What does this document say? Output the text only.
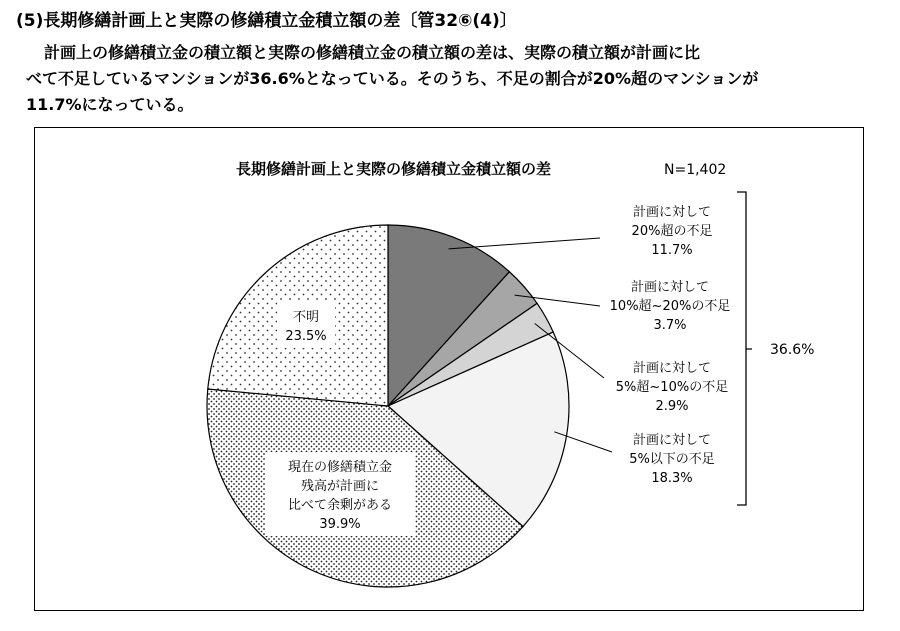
(5)長期修繕計画上と実際の修繕積立金積立額の差〔管32⑥(4)〕
計画上の修繕積立金の積立額と実際の修繕積立金の積立額の差は、実際の積立額が計画に比
べて不足しているマンションが36.6%となっている。そのうち、不足の割合が20%超のマンションが
11.7%になっている。
長期修繕計画上と実際の修繕積立金積立額の差	N=1,402
計画に対して
20%超の不足
11.7%
計画に対して
10%超~20%の不足
3.7%
計画に対して
5%超~10%の不足
2.9%
計画に対して
5%以下の不足
18.3%
現在の修繕積立金
残高が計画に
比べて余剰がある
39.9%
不明
23.5%
36.6%
